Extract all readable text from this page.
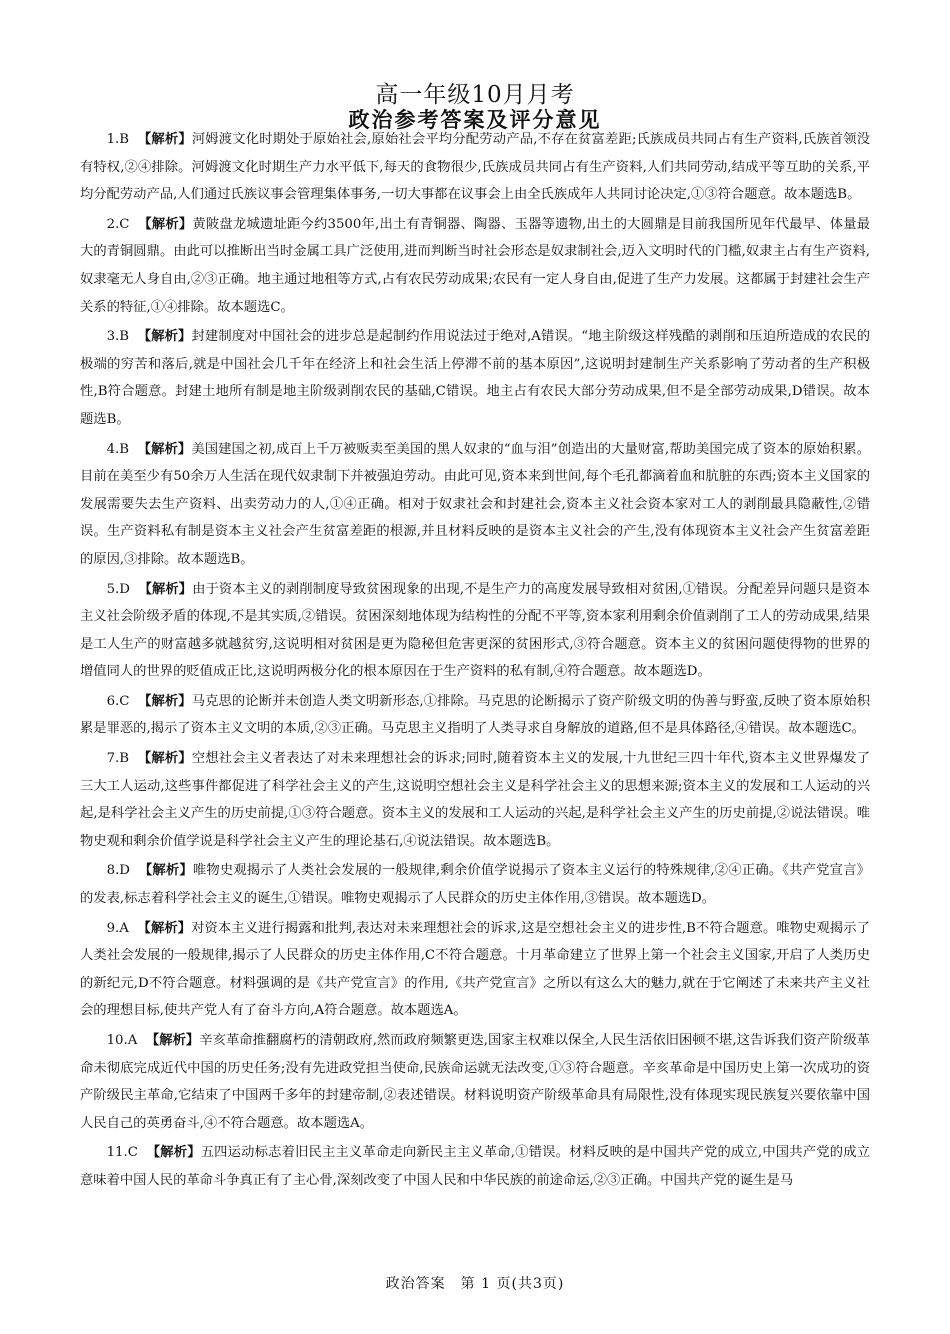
高一年级10月月考
政治参考答案及评分意见

1.B 【解析】河姆渡文化时期处于原始社会,原始社会平均分配劳动产品,不存在贫富差距;氏族成员共同占有生产资料,氏族首领没有特权,②④排除。河姆渡文化时期生产力水平低下,每天的食物很少,氏族成员共同占有生产资料,人们共同劳动,结成平等互助的关系,平均分配劳动产品,人们通过氏族议事会管理集体事务,一切大事都在议事会上由全氏族成年人共同讨论决定,①③符合题意。故本题选B。

2.C 【解析】黄陂盘龙城遗址距今约3500年,出土有青铜器、陶器、玉器等遗物,出土的大圆鼎是目前我国所见年代最早、体量最大的青铜圆鼎。由此可以推断出当时金属工具广泛使用,进而判断当时社会形态是奴隶制社会,迈入文明时代的门槛,奴隶主占有生产资料,奴隶毫无人身自由,②③正确。地主通过地租等方式,占有农民劳动成果;农民有一定人身自由,促进了生产力发展。这都属于封建社会生产关系的特征,①④排除。故本题选C。

3.B 【解析】封建制度对中国社会的进步总是起制约作用说法过于绝对,A错误。“地主阶级这样残酷的剥削和压迫所造成的农民的极端的穷苦和落后,就是中国社会几千年在经济上和社会生活上停滞不前的基本原因”,这说明封建制生产关系影响了劳动者的生产积极性,B符合题意。封建土地所有制是地主阶级剥削农民的基础,C错误。地主占有农民大部分劳动成果,但不是全部劳动成果,D错误。故本题选B。

4.B 【解析】美国建国之初,成百上千万被贩卖至美国的黑人奴隶的“血与泪”创造出的大量财富,帮助美国完成了资本的原始积累。目前在美至少有50余万人生活在现代奴隶制下并被强迫劳动。由此可见,资本来到世间,每个毛孔都滴着血和肮脏的东西;资本主义国家的发展需要失去生产资料、出卖劳动力的人,①④正确。相对于奴隶社会和封建社会,资本主义社会资本家对工人的剥削最具隐蔽性,②错误。生产资料私有制是资本主义社会产生贫富差距的根源,并且材料反映的是资本主义社会的产生,没有体现资本主义社会产生贫富差距的原因,③排除。故本题选B。

5.D 【解析】由于资本主义的剥削制度导致贫困现象的出现,不是生产力的高度发展导致相对贫困,①错误。分配差异问题只是资本主义社会阶级矛盾的体现,不是其实质,②错误。贫困深刻地体现为结构性的分配不平等,资本家利用剩余价值剥削了工人的劳动成果,结果是工人生产的财富越多就越贫穷,这说明相对贫困是更为隐秘但危害更深的贫困形式,③符合题意。资本主义的贫困问题使得物的世界的增值同人的世界的贬值成正比,这说明两极分化的根本原因在于生产资料的私有制,④符合题意。故本题选D。

6.C 【解析】马克思的论断并未创造人类文明新形态,①排除。马克思的论断揭示了资产阶级文明的伪善与野蛮,反映了资本原始积累是罪恶的,揭示了资本主义文明的本质,②③正确。马克思主义指明了人类寻求自身解放的道路,但不是具体路径,④错误。故本题选C。

7.B 【解析】空想社会主义者表达了对未来理想社会的诉求;同时,随着资本主义的发展,十九世纪三四十年代,资本主义世界爆发了三大工人运动,这些事件都促进了科学社会主义的产生,这说明空想社会主义是科学社会主义的思想来源;资本主义的发展和工人运动的兴起,是科学社会主义产生的历史前提,①③符合题意。资本主义的发展和工人运动的兴起,是科学社会主义产生的历史前提,②说法错误。唯物史观和剩余价值学说是科学社会主义产生的理论基石,④说法错误。故本题选B。

8.D 【解析】唯物史观揭示了人类社会发展的一般规律,剩余价值学说揭示了资本主义运行的特殊规律,②④正确。《共产党宣言》的发表,标志着科学社会主义的诞生,①错误。唯物史观揭示了人民群众的历史主体作用,③错误。故本题选D。

9.A 【解析】对资本主义进行揭露和批判,表达对未来理想社会的诉求,这是空想社会主义的进步性,B不符合题意。唯物史观揭示了人类社会发展的一般规律,揭示了人民群众的历史主体作用,C不符合题意。十月革命建立了世界上第一个社会主义国家,开启了人类历史的新纪元,D不符合题意。材料强调的是《共产党宣言》的作用,《共产党宣言》之所以有这么大的魅力,就在于它阐述了未来共产主义社会的理想目标,使共产党人有了奋斗方向,A符合题意。故本题选A。

10.A 【解析】辛亥革命推翻腐朽的清朝政府,然而政府频繁更迭,国家主权难以保全,人民生活依旧困顿不堪,这告诉我们资产阶级革命未彻底完成近代中国的历史任务;没有先进政党担当使命,民族命运就无法改变,①③符合题意。辛亥革命是中国历史上第一次成功的资产阶级民主革命,它结束了中国两千多年的封建帝制,②表述错误。材料说明资产阶级革命具有局限性,没有体现实现民族复兴要依靠中国人民自己的英勇奋斗,④不符合题意。故本题选A。

11.C 【解析】五四运动标志着旧民主主义革命走向新民主主义革命,①错误。材料反映的是中国共产党的成立,中国共产党的成立意味着中国人民的革命斗争真正有了主心骨,深刻改变了中国人民和中华民族的前途命运,②③正确。中国共产党的诞生是马

政治答案　第 1 页(共3页)
